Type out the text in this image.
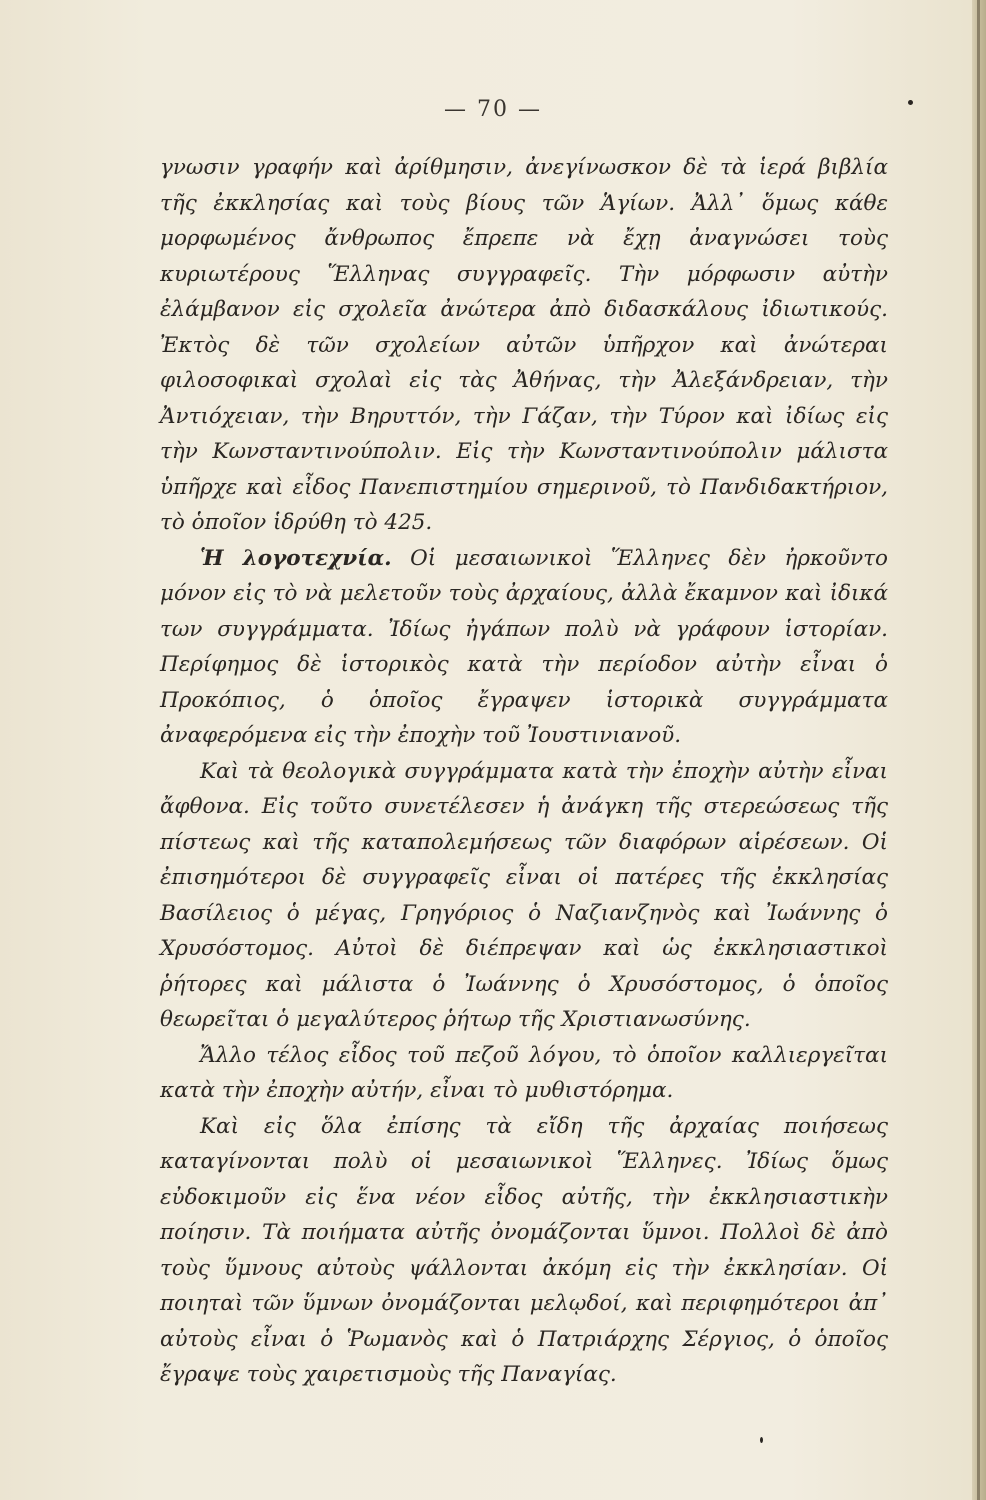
— 70 —

γνωσιν γραφήν καὶ ἀρίθμησιν, ἀνεγίνωσκον δὲ τὰ ἱερά βιβλία τῆς ἐκκλησίας καὶ τοὺς βίους τῶν Ἁγίων. Ἀλλ᾿ ὅμως κάθε μορφωμένος ἄνθρωπος ἔπρεπε νὰ ἔχῃ ἀναγνώσει τοὺς κυριωτέρους Ἕλληνας συγγραφεῖς. Τὴν μόρφωσιν αὐτὴν ἐλάμβανον εἰς σχολεῖα ἀνώτερα ἀπὸ διδασκάλους ἰδιωτικούς. Ἐκτὸς δὲ τῶν σχολείων αὐτῶν ὑπῆρχον καὶ ἀνώτεραι φιλοσοφικαὶ σχολαὶ εἰς τὰς Ἀθήνας, τὴν Ἀλεξάνδρειαν, τὴν Ἀντιόχειαν, τὴν Βηρυττόν, τὴν Γάζαν, τὴν Τύρον καὶ ἰδίως εἰς τὴν Κωνσταντινούπολιν. Εἰς τὴν Κωνσταντινούπολιν μάλιστα ὑπῆρχε καὶ εἶδος Πανεπιστημίου σημερινοῦ, τὸ Πανδιδακτήριον, τὸ ὁποῖον ἱδρύθη τὸ 425.

Ἡ λογοτεχνία. Οἱ μεσαιωνικοὶ Ἕλληνες δὲν ἠρκοῦντο μόνον εἰς τὸ νὰ μελετοῦν τοὺς ἀρχαίους, ἀλλὰ ἔκαμνον καὶ ἰδικά των συγγράμματα. Ἰδίως ἠγάπων πολὺ νὰ γράφουν ἱστορίαν. Περίφημος δὲ ἱστορικὸς κατὰ τὴν περίοδον αὐτὴν εἶναι ὁ Προκόπιος, ὁ ὁποῖος ἔγραψεν ἱστορικὰ συγγράμματα ἀναφερόμενα εἰς τὴν ἐποχὴν τοῦ Ἰουστινιανοῦ.

Καὶ τὰ θεολογικὰ συγγράμματα κατὰ τὴν ἐποχὴν αὐτὴν εἶναι ἄφθονα. Εἰς τοῦτο συνετέλεσεν ἡ ἀνάγκη τῆς στερεώσεως τῆς πίστεως καὶ τῆς καταπολεμήσεως τῶν διαφόρων αἱρέσεων. Οἱ ἐπισημότεροι δὲ συγγραφεῖς εἶναι οἱ πατέρες τῆς ἐκκλησίας Βασίλειος ὁ μέγας, Γρηγόριος ὁ Ναζιανζηνὸς καὶ Ἰωάννης ὁ Χρυσόστομος. Αὐτοὶ δὲ διέπρεψαν καὶ ὡς ἐκκλησιαστικοὶ ῥήτορες καὶ μάλιστα ὁ Ἰωάννης ὁ Χρυσόστομος, ὁ ὁποῖος θεωρεῖται ὁ μεγαλύτερος ῥήτωρ τῆς Χριστιανωσύνης.

Ἄλλο τέλος εἶδος τοῦ πεζοῦ λόγου, τὸ ὁποῖον καλλιεργεῖται κατὰ τὴν ἐποχὴν αὐτήν, εἶναι τὸ μυθιστόρημα.

Καὶ εἰς ὅλα ἐπίσης τὰ εἴδη τῆς ἀρχαίας ποιήσεως καταγίνονται πολὺ οἱ μεσαιωνικοὶ Ἕλληνες. Ἰδίως ὅμως εὐδοκιμοῦν εἰς ἕνα νέον εἶδος αὐτῆς, τὴν ἐκκλησιαστικὴν ποίησιν. Τὰ ποιήματα αὐτῆς ὀνομάζονται ὕμνοι. Πολλοὶ δὲ ἀπὸ τοὺς ὕμνους αὐτοὺς ψάλλονται ἀκόμη εἰς τὴν ἐκκλησίαν. Οἱ ποιηταὶ τῶν ὕμνων ὀνομάζονται μελῳδοί, καὶ περιφημότεροι ἀπ᾿ αὐτοὺς εἶναι ὁ Ῥωμανὸς καὶ ὁ Πατριάρχης Σέργιος, ὁ ὁποῖος ἔγραψε τοὺς χαιρετισμοὺς τῆς Παναγίας.
